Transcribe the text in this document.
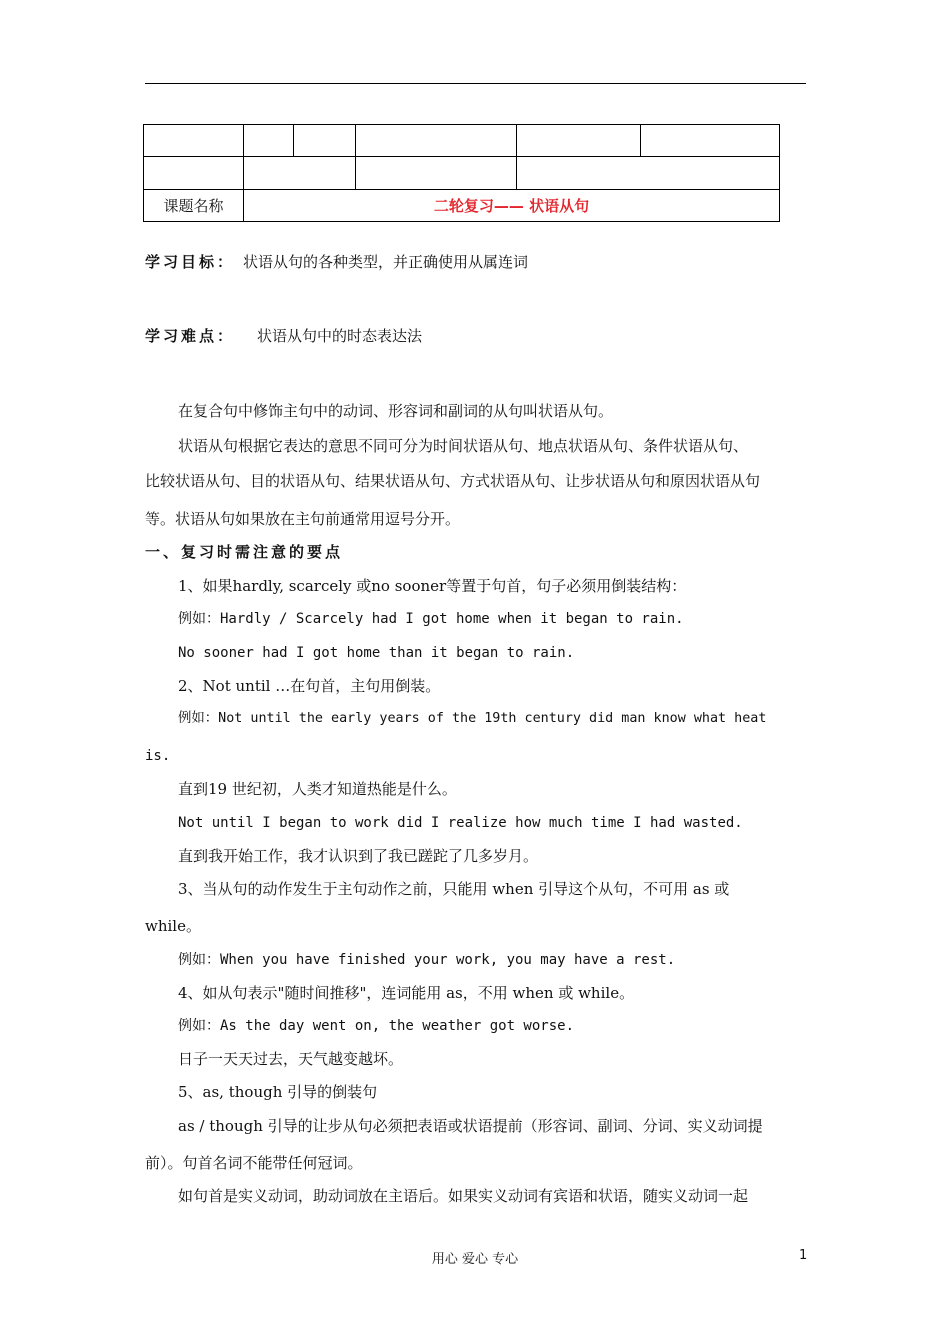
课题名称	二轮复习—— 状语从句				
学习目标： 状语从句的各种类型，并正确使用从属连词
学习难点： 状语从句中的时态表达法
在复合句中修饰主句中的动词、形容词和副词的从句叫状语从句。
状语从句根据它表达的意思不同可分为时间状语从句、地点状语从句、条件状语从句、
比较状语从句、目的状语从句、结果状语从句、方式状语从句、让步状语从句和原因状语从句
等。状语从句如果放在主句前通常用逗号分开。
一、复习时需注意的要点
1、如果hardly, scarcely 或no sooner等置于句首，句子必须用倒装结构：
例如：Hardly / Scarcely had I got home when it began to rain.
No sooner had I got home than it began to rain.
2、Not until …在句首，主句用倒装。
例如：Not until the early years of the 19th century did man know what heat
is.
直到19 世纪初，人类才知道热能是什么。
Not until I began to work did I realize how much time I had wasted.
直到我开始工作，我才认识到了我已蹉跎了几多岁月。
3、当从句的动作发生于主句动作之前，只能用 when 引导这个从句，不可用 as 或
while。
例如：When you have finished your work, you may have a rest.
4、如从句表示"随时间推移"，连词能用 as，不用 when 或 while。
例如：As the day went on, the weather got worse.
日子一天天过去，天气越变越坏。
5、as, though 引导的倒装句
as / though 引导的让步从句必须把表语或状语提前（形容词、副词、分词、实义动词提
前）。句首名词不能带任何冠词。
如句首是实义动词，助动词放在主语后。如果实义动词有宾语和状语，随实义动词一起
用心 爱心 专心	1
